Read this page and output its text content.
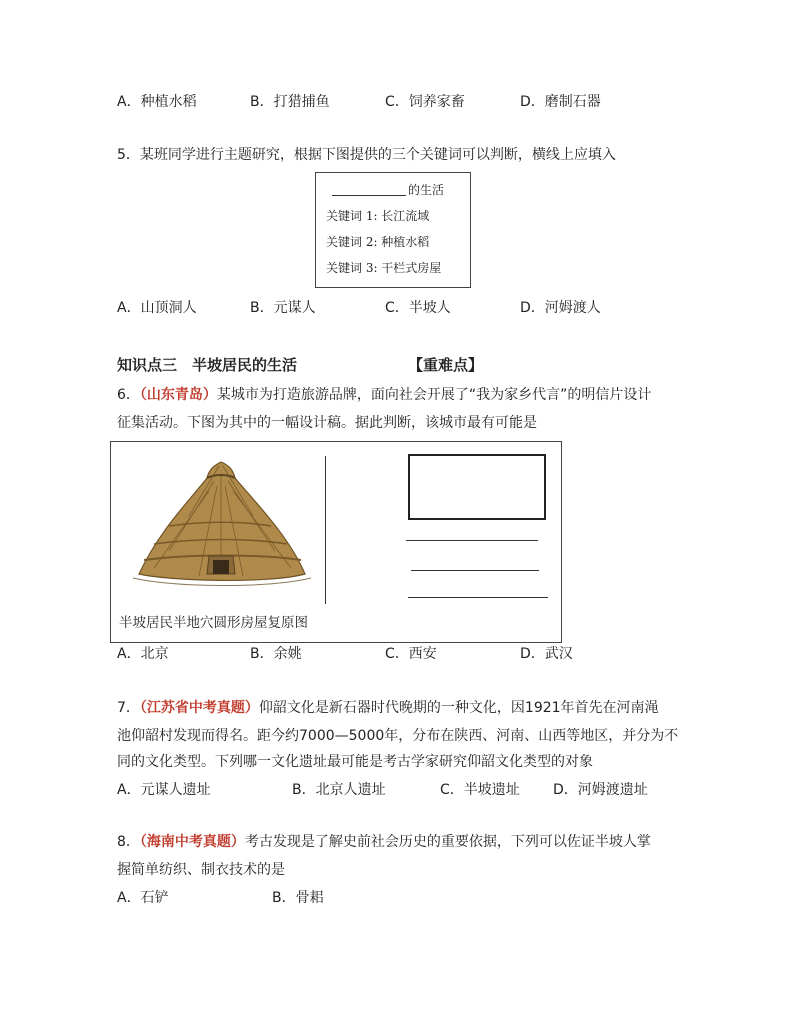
A．种植水稻	B．打猎捕鱼	C．饲养家畜	D．磨制石器
5．某班同学进行主题研究，根据下图提供的三个关键词可以判断，横线上应填入
的生活
关键词 1: 长江流域
关键词 2: 种植水稻
关键词 3: 干栏式房屋
A．山顶洞人	B．元谋人	C．半坡人	D．河姆渡人
知识点三　半坡居民的生活	【重难点】
6．（山东青岛）某城市为打造旅游品牌，面向社会开展了“我为家乡代言”的明信片设计
征集活动。下图为其中的一幅设计稿。据此判断，该城市最有可能是
半坡居民半地穴圆形房屋复原图
A．北京	B．余姚	C．西安	D．武汉
7．（江苏省中考真题）仰韶文化是新石器时代晚期的一种文化，因1921年首先在河南渑
池仰韶村发现而得名。距今约7000—5000年，分布在陕西、河南、山西等地区，并分为不
同的文化类型。下列哪一文化遗址最可能是考古学家研究仰韶文化类型的对象
A．元谋人遗址	B．北京人遗址	C．半坡遗址 D．河姆渡遗址
8．（海南中考真题）考古发现是了解史前社会历史的重要依据，下列可以佐证半坡人掌
握简单纺织、制衣技术的是
A．石铲	B．骨耜
